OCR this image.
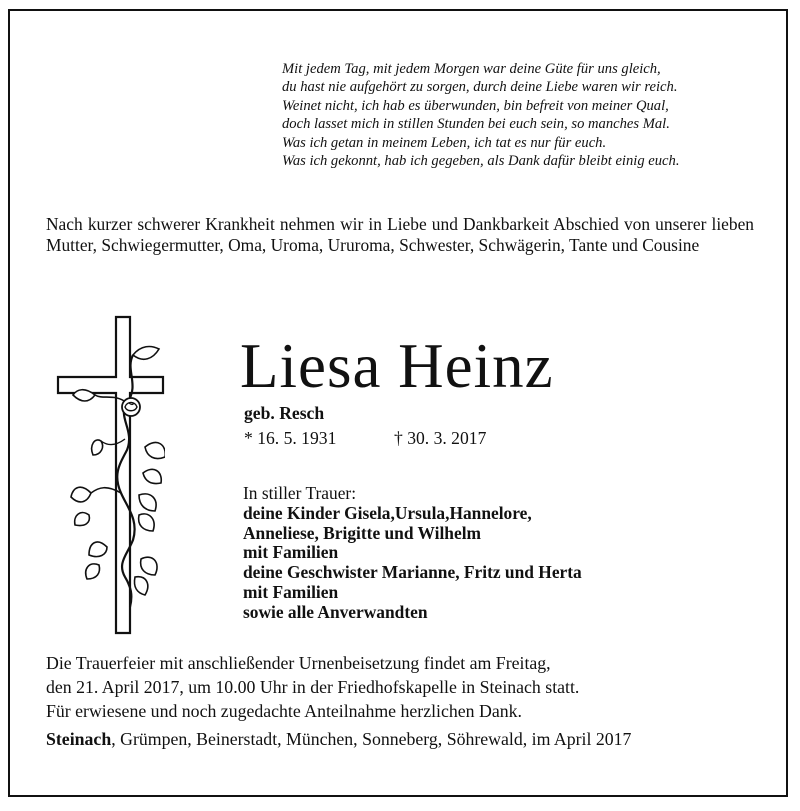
Mit jedem Tag, mit jedem Morgen war deine Güte für uns gleich,
du hast nie aufgehört zu sorgen, durch deine Liebe waren wir reich.
Weinet nicht, ich hab es überwunden, bin befreit von meiner Qual,
doch lasset mich in stillen Stunden bei euch sein, so manches Mal.
Was ich getan in meinem Leben, ich tat es nur für euch.
Was ich gekonnt, hab ich gegeben, als Dank dafür bleibt einig euch.
Nach kurzer schwerer Krankheit nehmen wir in Liebe und Dankbarkeit Abschied von unserer lieben Mutter, Schwiegermutter, Oma, Uroma, Ururoma, Schwester, Schwägerin, Tante und Cousine
Liesa Heinz
geb. Resch
* 16. 5. 1931	† 30. 3. 2017
In stiller Trauer:
deine Kinder Gisela,Ursula,Hannelore,
Anneliese, Brigitte und Wilhelm
mit Familien
deine Geschwister Marianne, Fritz und Herta
mit Familien
sowie alle Anverwandten
Die Trauerfeier mit anschließender Urnenbeisetzung findet am Freitag,
den 21. April 2017, um 10.00 Uhr in der Friedhofskapelle in Steinach statt.
Für erwiesene und noch zugedachte Anteilnahme herzlichen Dank.
Steinach, Grümpen, Beinerstadt, München, Sonneberg, Söhrewald, im April 2017
